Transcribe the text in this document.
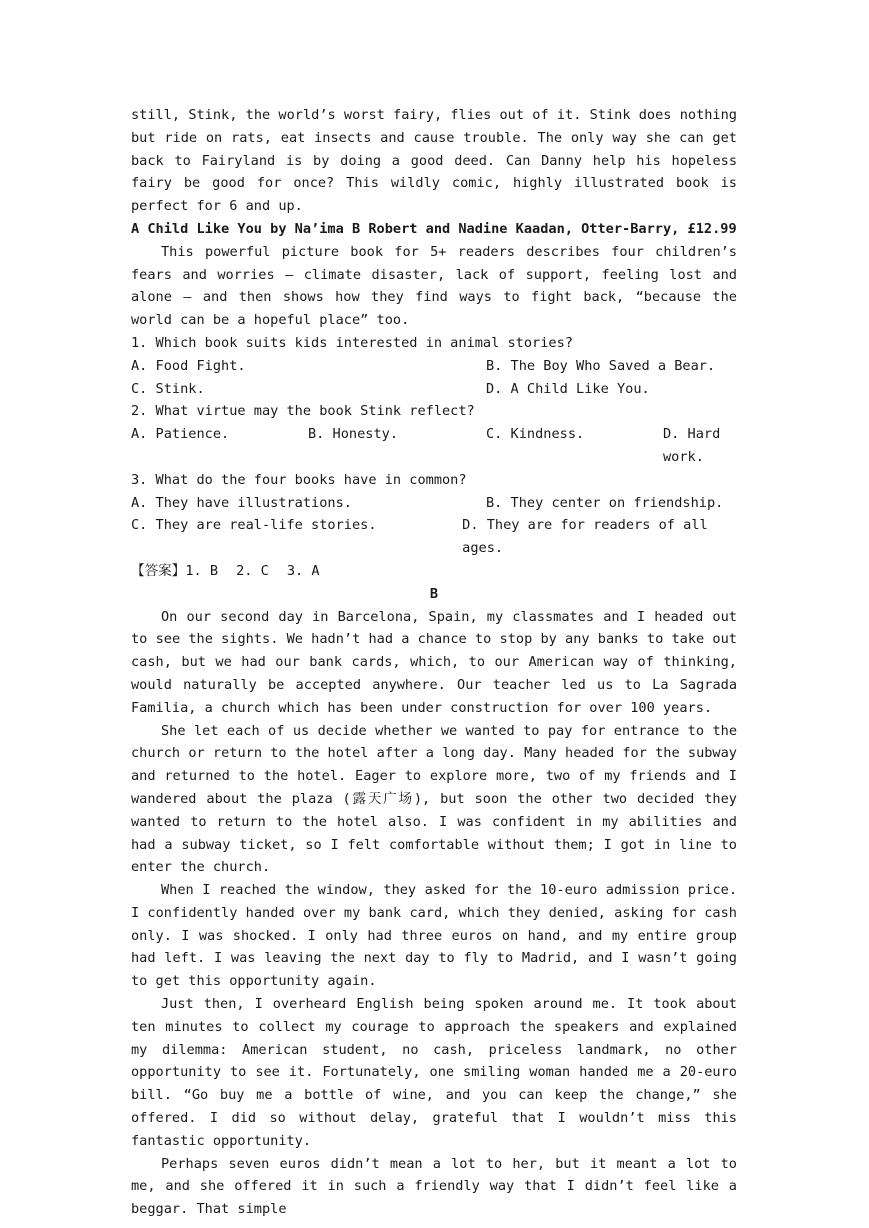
still, Stink, the world’s worst fairy, flies out of it. Stink does nothing but ride on rats, eat insects and cause trouble. The only way she can get back to Fairyland is by doing a good deed. Can Danny help his hopeless fairy be good for once? This wildly comic, highly illustrated book is perfect for 6 and up.

A Child Like You by Na’ima B Robert and Nadine Kaadan, Otter-Barry, £12.99

This powerful picture book for 5+ readers describes four children’s fears and worries — climate disaster, lack of support, feeling lost and alone — and then shows how they find ways to fight back, “because the world can be a hopeful place” too.

1. Which book suits kids interested in animal stories?

A. Food Fight.	B. The Boy Who Saved a Bear.
C. Stink.	D. A Child Like You.

2. What virtue may the book Stink reflect?

A. Patience.	B. Honesty.	C. Kindness.	D. Hard work.

3. What do the four books have in common?

A. They have illustrations.	B. They center on friendship.
C. They are real-life stories.	D. They are for readers of all ages.

【答案】1. B 2. C 3. A

B

On our second day in Barcelona, Spain, my classmates and I headed out to see the sights. We hadn’t had a chance to stop by any banks to take out cash, but we had our bank cards, which, to our American way of thinking, would naturally be accepted anywhere. Our teacher led us to La Sagrada Familia, a church which has been under construction for over 100 years.

She let each of us decide whether we wanted to pay for entrance to the church or return to the hotel after a long day. Many headed for the subway and returned to the hotel. Eager to explore more, two of my friends and I wandered about the plaza (露天广场), but soon the other two decided they wanted to return to the hotel also. I was confident in my abilities and had a subway ticket, so I felt comfortable without them; I got in line to enter the church.

When I reached the window, they asked for the 10-euro admission price. I confidently handed over my bank card, which they denied, asking for cash only. I was shocked. I only had three euros on hand, and my entire group had left. I was leaving the next day to fly to Madrid, and I wasn’t going to get this opportunity again.

Just then, I overheard English being spoken around me. It took about ten minutes to collect my courage to approach the speakers and explained my dilemma: American student, no cash, priceless landmark, no other opportunity to see it. Fortunately, one smiling woman handed me a 20-euro bill. “Go buy me a bottle of wine, and you can keep the change,” she offered. I did so without delay, grateful that I wouldn’t miss this fantastic opportunity.

Perhaps seven euros didn’t mean a lot to her, but it meant a lot to me, and she offered it in such a friendly way that I didn’t feel like a beggar. That simple
